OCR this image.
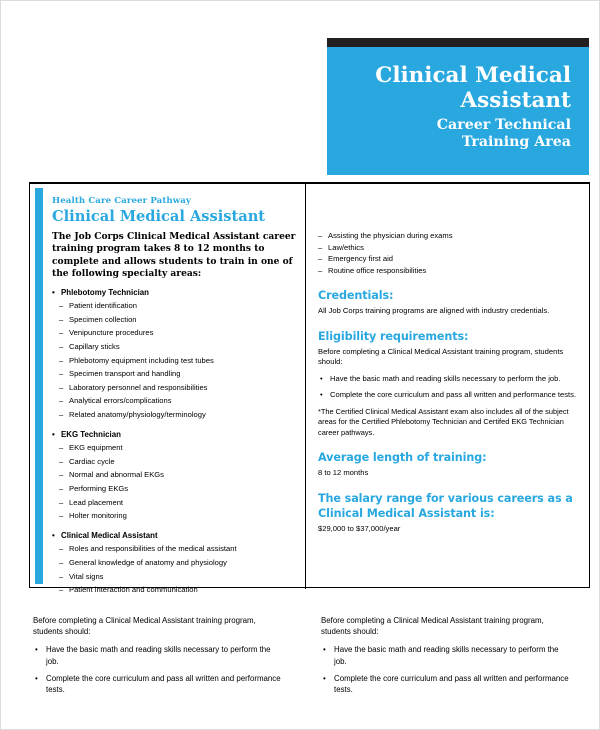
Clinical Medical
Assistant
Career Technical
Training Area
Health Care Career Pathway
Clinical Medical Assistant
The Job Corps Clinical Medical Assistant career training program takes 8 to 12 months to complete and allows students to train in one of the following specialty areas:
• Phlebotomy Technician
– Patient identification
– Specimen collection
– Venipuncture procedures
– Capillary sticks
– Phlebotomy equipment including test tubes
– Specimen transport and handling
– Laboratory personnel and responsibilities
– Analytical errors/complications
– Related anatomy/physiology/terminology
• EKG Technician
– EKG equipment
– Cardiac cycle
– Normal and abnormal EKGs
– Performing EKGs
– Lead placement
– Holter monitoring
• Clinical Medical Assistant
– Roles and responsibilities of the medical assistant
– General knowledge of anatomy and physiology
– Vital signs
– Patient interaction and communication
– Assisting the physician during exams
– Law/ethics
– Emergency first aid
– Routine office responsibilities
Credentials:

All Job Corps training programs are aligned with industry credentials.

Eligibility requirements:

Before completing a Clinical Medical Assistant training program, students should:

• Have the basic math and reading skills necessary to perform the job.
• Complete the core curriculum and pass all written and performance tests.

*The Certified Clinical Medical Assistant exam also includes all of the subject areas for the Certified Phlebotomy Technician and Certifed EKG Technician career pathways.

Average length of training:

8 to 12 months

The salary range for various careers as a
Clinical Medical Assistant is:

$29,000 to $37,000/year

Before completing a Clinical Medical Assistant training program, students should:

• Have the basic math and reading skills necessary to perform the job.
• Complete the core curriculum and pass all written and performance tests.

Before completing a Clinical Medical Assistant training program, students should:

• Have the basic math and reading skills necessary to perform the job.
• Complete the core curriculum and pass all written and performance tests.
